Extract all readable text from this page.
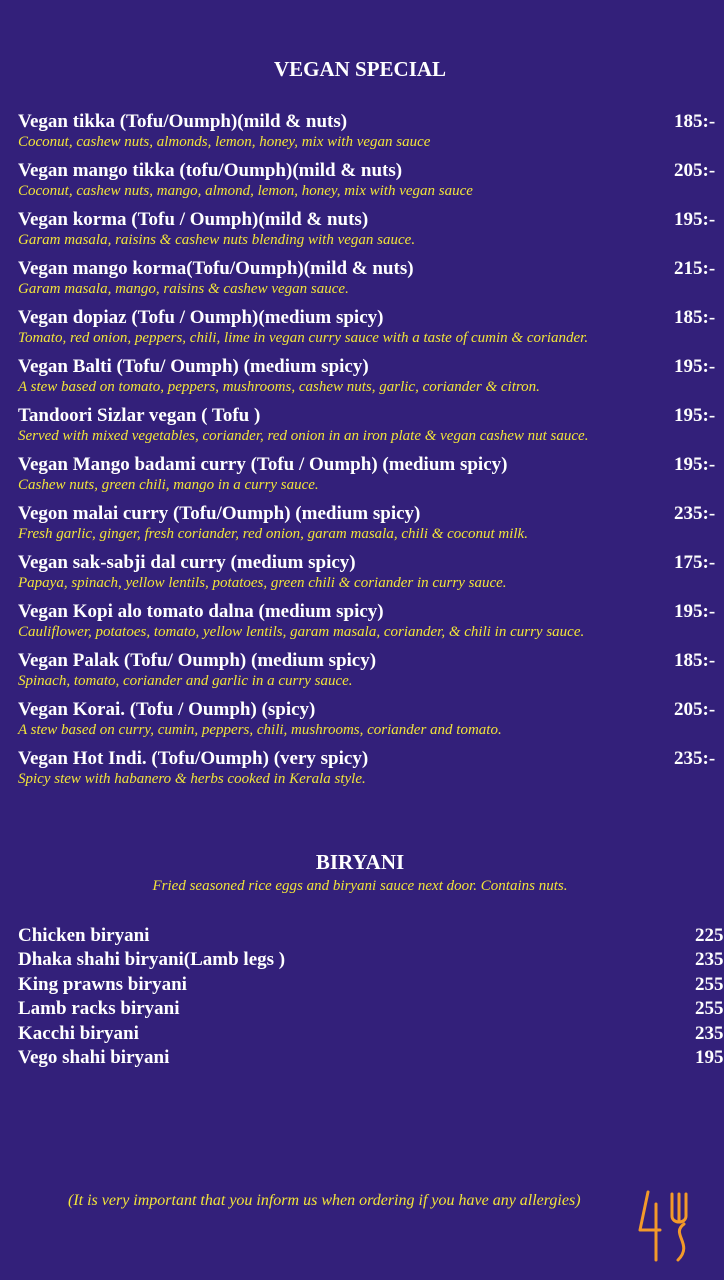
VEGAN SPECIAL
Vegan tikka (Tofu/Oumph)(mild & nuts)	185:-
Coconut, cashew nuts, almonds, lemon, honey, mix with vegan sauce
Vegan mango tikka (tofu/Oumph)(mild & nuts)	205:-
Coconut, cashew nuts, mango, almond, lemon, honey, mix with vegan sauce
Vegan korma (Tofu / Oumph)(mild & nuts)	195:-
Garam masala, raisins & cashew nuts blending with vegan sauce.
Vegan mango korma(Tofu/Oumph)(mild & nuts)	215:-
Garam masala, mango, raisins & cashew vegan sauce.
Vegan dopiaz (Tofu / Oumph)(medium spicy)	185:-
Tomato, red onion, peppers, chili, lime in vegan curry sauce with a taste of cumin & coriander.
Vegan Balti (Tofu/ Oumph) (medium spicy)	195:-
A stew based on tomato, peppers, mushrooms, cashew nuts, garlic, coriander & citron.
Tandoori Sizlar vegan ( Tofu )	195:-
Served with mixed vegetables, coriander, red onion in an iron plate & vegan cashew nut sauce.
Vegan Mango badami curry (Tofu / Oumph) (medium spicy)	195:-
Cashew nuts, green chili, mango in a curry sauce.
Vegon malai curry (Tofu/Oumph) (medium spicy)	235:-
Fresh garlic, ginger, fresh coriander, red onion, garam masala, chili & coconut milk.
Vegan sak-sabji dal curry (medium spicy)	175:-
Papaya, spinach, yellow lentils, potatoes, green chili & coriander in curry sauce.
Vegan Kopi alo tomato dalna (medium spicy)	195:-
Cauliflower, potatoes, tomato, yellow lentils, garam masala, coriander, & chili in curry sauce.
Vegan Palak (Tofu/ Oumph) (medium spicy)	185:-
Spinach, tomato, coriander and garlic in a curry sauce.
Vegan Korai. (Tofu / Oumph) (spicy)	205:-
A stew based on curry, cumin, peppers, chili, mushrooms, coriander and tomato.
Vegan Hot Indi. (Tofu/Oumph) (very spicy)	235:-
Spicy stew with habanero & herbs cooked in Kerala style.
BIRYANI
Fried seasoned rice eggs and biryani sauce next door. Contains nuts.
Chicken biryani	225
Dhaka shahi biryani(Lamb legs )	235
King prawns biryani	255
Lamb racks biryani	255
Kacchi biryani	235
Vego shahi biryani	195
(It is very important that you inform us when ordering if you have any allergies)
